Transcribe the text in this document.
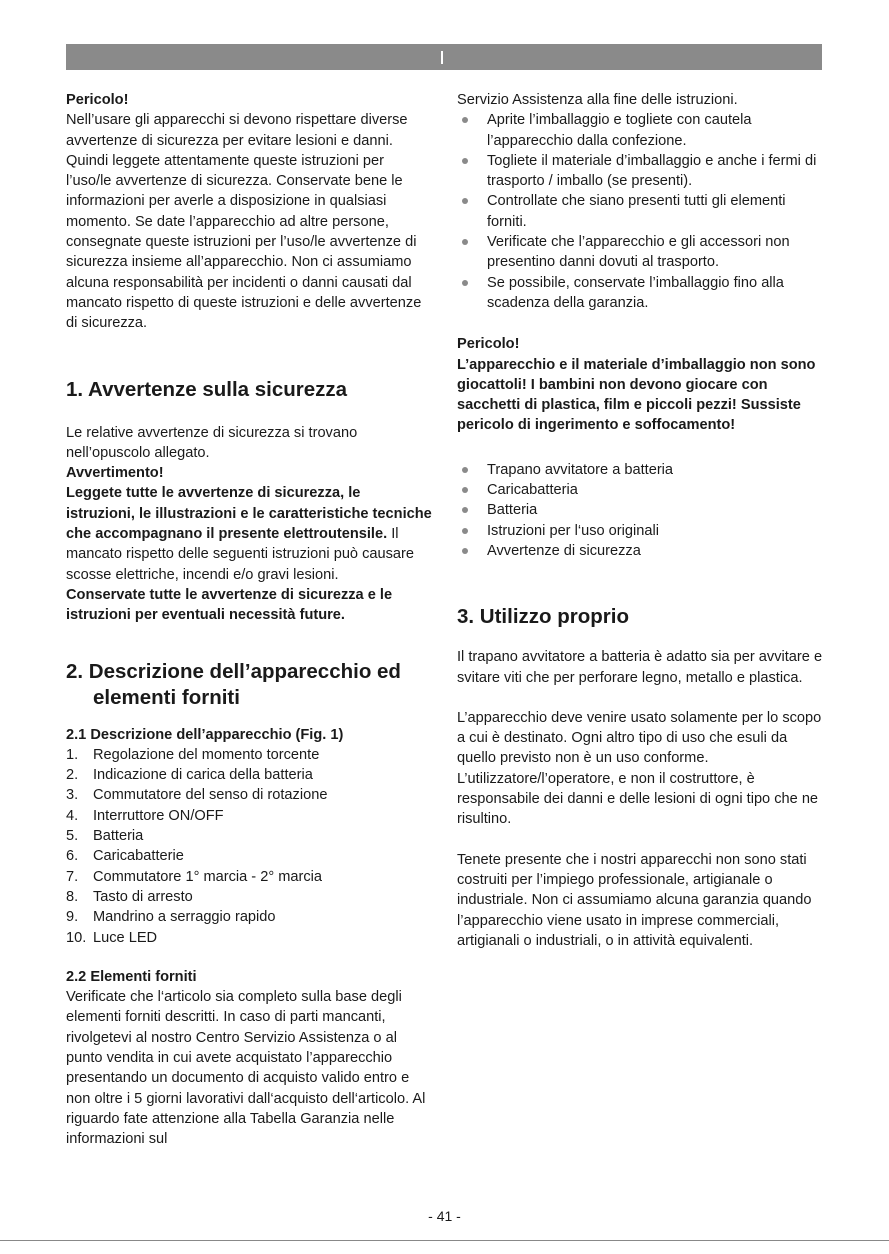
Pericolo!

Nell’usare gli apparecchi si devono rispettare diverse avvertenze di sicurezza per evitare lesioni e danni. Quindi leggete attentamente queste istruzioni per l’uso/le avvertenze di sicurezza. Conservate bene le informazioni per averle a disposizione in qualsiasi momento. Se date l’apparecchio ad altre persone, consegnate queste istruzioni per l’uso/le avvertenze di sicurezza insieme all’apparecchio. Non ci assumiamo alcuna responsabilità per incidenti o danni causati dal mancato rispetto di queste istruzioni e delle avvertenze di sicurezza.

1. Avvertenze sulla sicurezza

Le relative avvertenze di sicurezza si trovano nell’opuscolo allegato.

Avvertimento!

Leggete tutte le avvertenze di sicurezza, le istruzioni, le illustrazioni e le caratteristiche tecniche che accompagnano il presente elettroutensile. Il mancato rispetto delle seguenti istruzioni può causare scosse elettriche, incendi e/o gravi lesioni.

Conservate tutte le avvertenze di sicurezza e le istruzioni per eventuali necessità future.

2. Descrizione dell’apparecchio ed

elementi forniti

2.1 Descrizione dell’apparecchio (Fig. 1)

1.	Regolazione del momento torcente
2.	Indicazione di carica della batteria
3.	Commutatore del senso di rotazione
4.	Interruttore ON/OFF
5.	Batteria
6.	Caricabatterie
7.	Commutatore 1° marcia - 2° marcia
8.	Tasto di arresto
9.	Mandrino a serraggio rapido
10. Luce LED

2.2 Elementi forniti

Verificate che l‘articolo sia completo sulla base degli elementi forniti descritti. In caso di parti mancanti, rivolgetevi al nostro Centro Servizio Assistenza o al punto vendita in cui avete acquistato l’apparecchio presentando un documento di acquisto valido entro e non oltre i 5 giorni lavorativi dall‘acquisto dell‘articolo. Al riguardo fate attenzione alla Tabella Garanzia nelle informazioni sul

Servizio Assistenza alla fine delle istruzioni.

Aprite l’imballaggio e togliete con cautela l’apparecchio dalla confezione.
Togliete il materiale d’imballaggio e anche i fermi di trasporto / imballo (se presenti).
Controllate che siano presenti tutti gli elementi forniti.
Verificate che l’apparecchio e gli accessori non presentino danni dovuti al trasporto.
Se possibile, conservate l’imballaggio fino alla scadenza della garanzia.

Pericolo!

L’apparecchio e il materiale d’imballaggio non sono giocattoli! I bambini non devono giocare con sacchetti di plastica, film e piccoli pezzi! Sussiste pericolo di ingerimento e soffocamento!

Trapano avvitatore a batteria
Caricabatteria
Batteria
Istruzioni per l‘uso originali
Avvertenze di sicurezza

3. Utilizzo proprio

Il trapano avvitatore a batteria è adatto sia per avvitare e svitare viti che per perforare legno, metallo e plastica.

L’apparecchio deve venire usato solamente per lo scopo a cui è destinato. Ogni altro tipo di uso che esuli da quello previsto non è un uso conforme. L’utilizzatore/l’operatore, e non il costruttore, è responsabile dei danni e delle lesioni di ogni tipo che ne risultino.

Tenete presente che i nostri apparecchi non sono stati costruiti per l’impiego professionale, artigianale o industriale. Non ci assumiamo alcuna garanzia quando l’apparecchio viene usato in imprese commerciali, artigianali o industriali, o in attività equivalenti.

- 41 -
